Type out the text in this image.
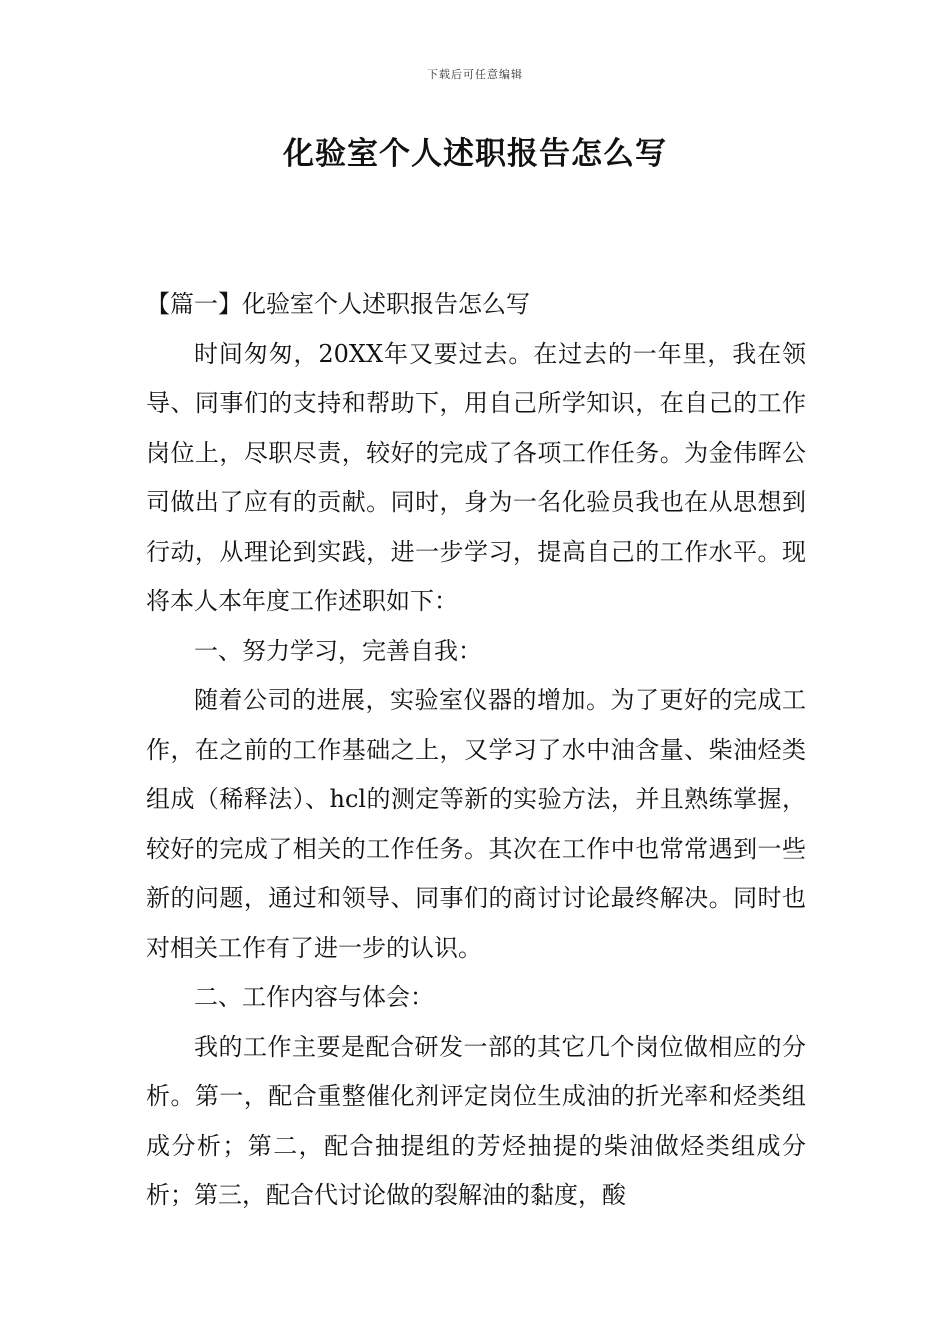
下载后可任意编辑
化验室个人述职报告怎么写

【篇一】化验室个人述职报告怎么写

时间匆匆，20XX年又要过去。在过去的一年里，我在领导、同事们的支持和帮助下，用自己所学知识，在自己的工作岗位上，尽职尽责，较好的完成了各项工作任务。为金伟晖公司做出了应有的贡献。同时，身为一名化验员我也在从思想到行动，从理论到实践，进一步学习，提高自己的工作水平。现将本人本年度工作述职如下：

一、努力学习，完善自我：

随着公司的进展，实验室仪器的增加。为了更好的完成工作，在之前的工作基础之上，又学习了水中油含量、柴油烃类组成（稀释法）、hcl的测定等新的实验方法，并且熟练掌握，较好的完成了相关的工作任务。其次在工作中也常常遇到一些新的问题，通过和领导、同事们的商讨讨论最终解决。同时也对相关工作有了进一步的认识。

二、工作内容与体会：

我的工作主要是配合研发一部的其它几个岗位做相应的分析。第一，配合重整催化剂评定岗位生成油的折光率和烃类组成分析；第二，配合抽提组的芳烃抽提的柴油做烃类组成分析；第三，配合代讨论做的裂解油的黏度，酸
